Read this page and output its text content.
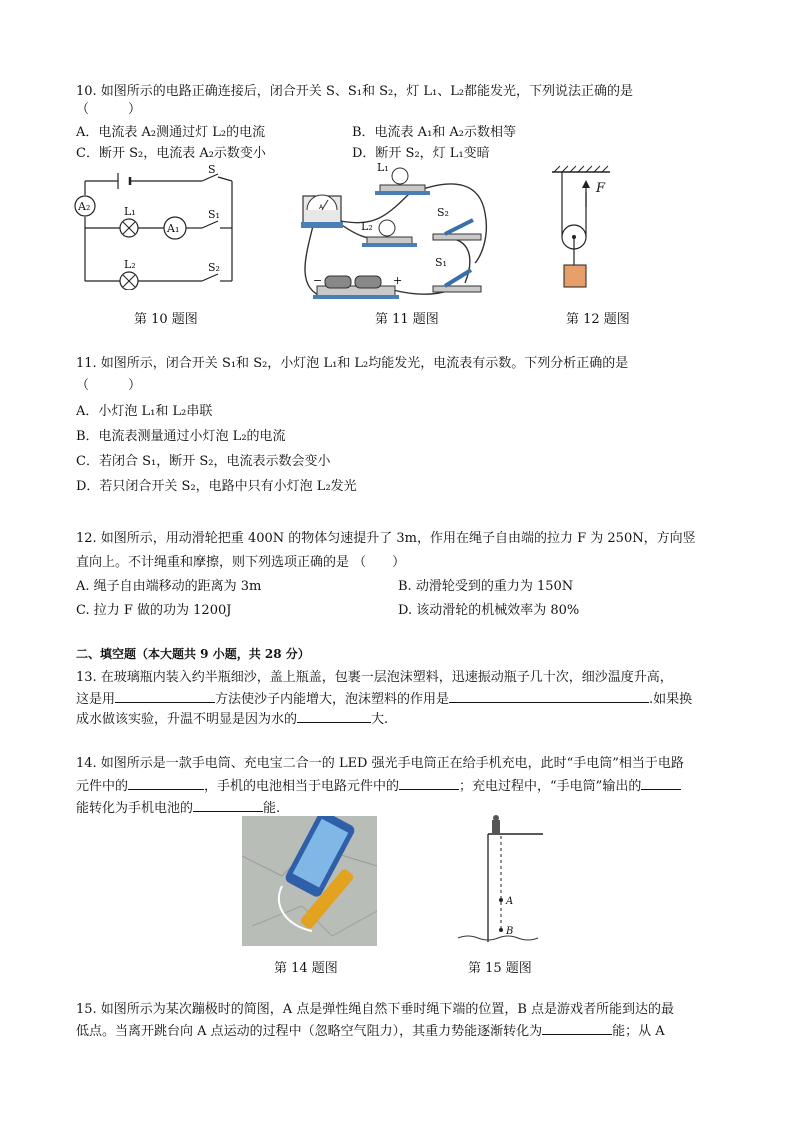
10. 如图所示的电路正确连接后，闭合开关 S、S₁和 S₂，灯 L₁、L₂都能发光，下列说法正确的是
（　　　）
A．电流表 A₂测通过灯 L₂的电流	B．电流表 A₁和 A₂示数相等
C．断开 S₂，电流表 A₂示数变小	D．断开 S₂，灯 L₁变暗
A₂
A₁
S
S₁
S₂
L₁
L₂
第 10 题图
A
L₁
L₂
S₂
S₁
−	+
第 11 题图
F
第 12 题图
11. 如图所示，闭合开关 S₁和 S₂，小灯泡 L₁和 L₂均能发光，电流表有示数。下列分析正确的是
（　　　）
A．小灯泡 L₁和 L₂串联
B．电流表测量通过小灯泡 L₂的电流
C．若闭合 S₁，断开 S₂，电流表示数会变小
D．若只闭合开关 S₂，电路中只有小灯泡 L₂发光
12. 如图所示，用动滑轮把重 400N 的物体匀速提升了 3m，作用在绳子自由端的拉力 F 为 250N，方向竖
直向上。不计绳重和摩擦，则下列选项正确的是 （　　）
A. 绳子自由端移动的距离为 3m	B. 动滑轮受到的重力为 150N
C. 拉力 F 做的功为 1200J	D. 该动滑轮的机械效率为 80%
二、填空题（本大题共 9 小题，共 28 分）
13. 在玻璃瓶内装入约半瓶细沙，盖上瓶盖，包裹一层泡沫塑料，迅速振动瓶子几十次，细沙温度升高，
这是用	方法使沙子内能增大，泡沫塑料的作用是	.如果换
成水做该实验，升温不明显是因为水的	大.
14. 如图所示是一款手电筒、充电宝二合一的 LED 强光手电筒正在给手机充电，此时“手电筒”相当于电路
元件中的	，手机的电池相当于电路元件中的	；充电过程中，“手电筒”输出的
能转化为手机电池的	能.
第 14 题图
A
B
第 15 题图
15. 如图所示为某次蹦极时的简图，A 点是弹性绳自然下垂时绳下端的位置，B 点是游戏者所能到达的最
低点。当离开跳台向 A 点运动的过程中（忽略空气阻力），其重力势能逐渐转化为	能；从 A
